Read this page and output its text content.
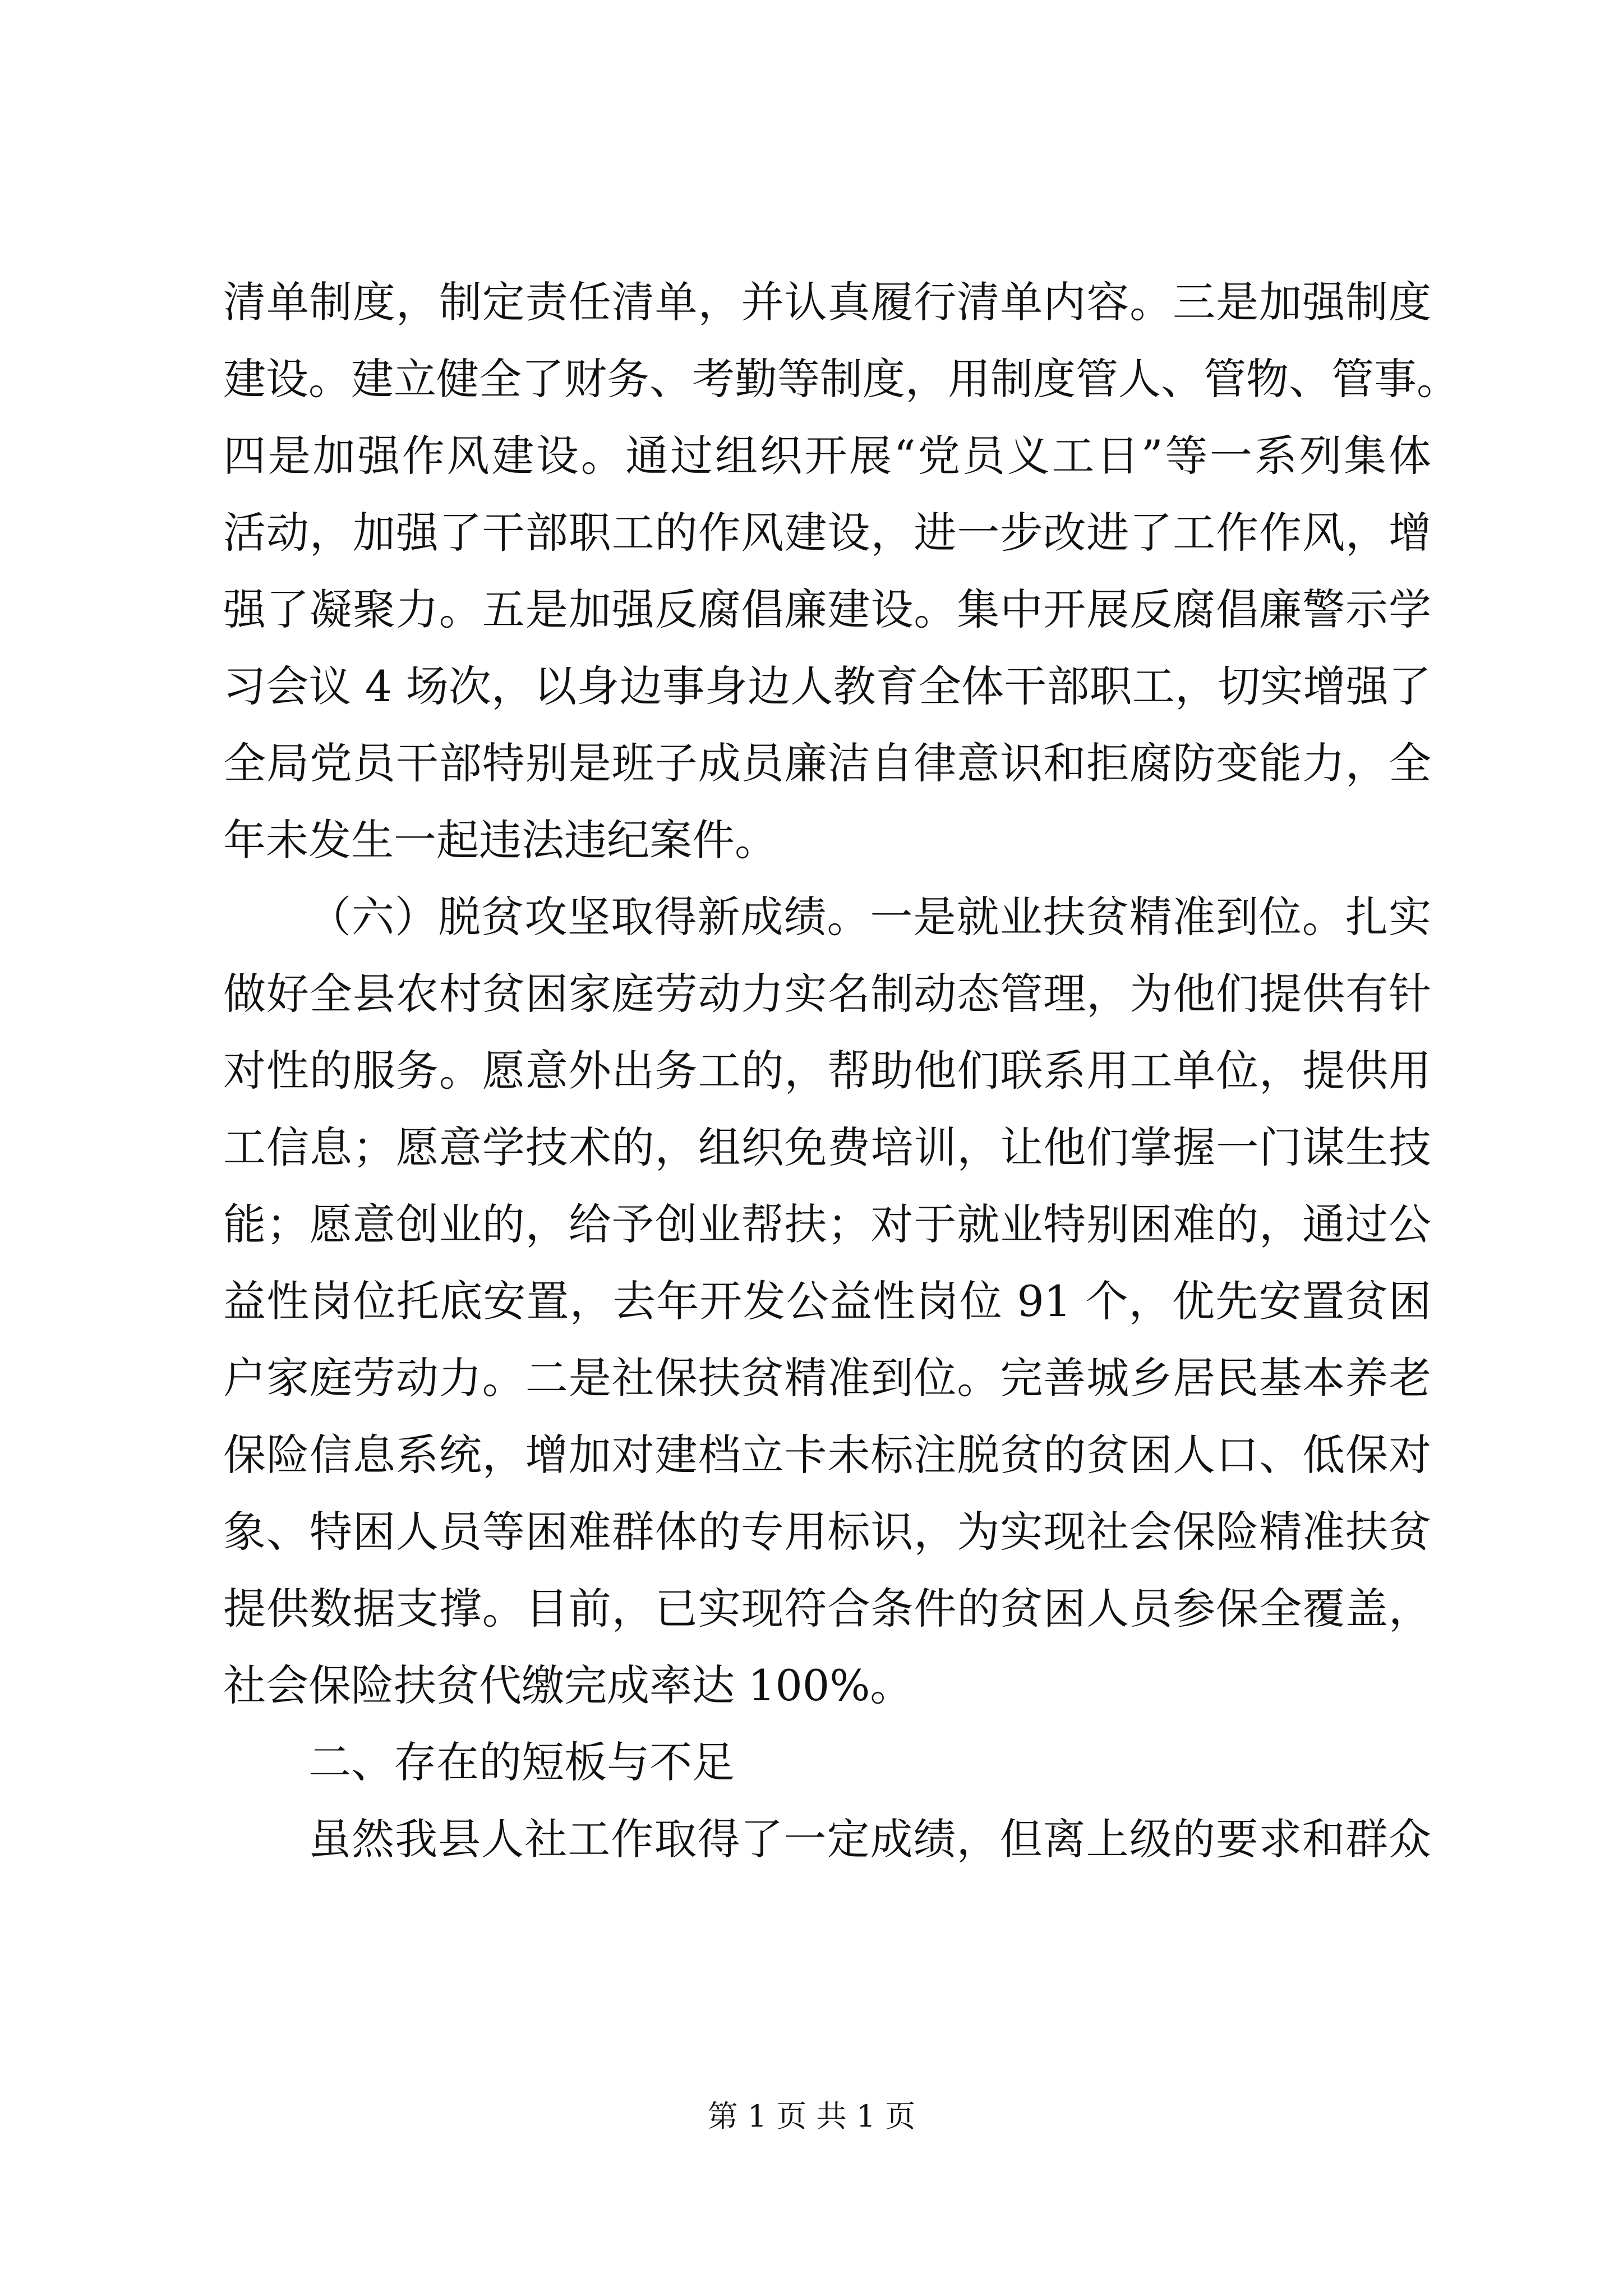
清单制度，制定责任清单，并认真履行清单内容。三是加强制度
建设。建立健全了财务、考勤等制度，用制度管人、管物、管事。
四是加强作风建设。通过组织开展“党员义工日”等一系列集体
活动，加强了干部职工的作风建设，进一步改进了工作作风，增
强了凝聚力。五是加强反腐倡廉建设。集中开展反腐倡廉警示学
习会议 4 场次，以身边事身边人教育全体干部职工，切实增强了
全局党员干部特别是班子成员廉洁自律意识和拒腐防变能力，全
年未发生一起违法违纪案件。
（六）脱贫攻坚取得新成绩。一是就业扶贫精准到位。扎实
做好全县农村贫困家庭劳动力实名制动态管理，为他们提供有针
对性的服务。愿意外出务工的，帮助他们联系用工单位，提供用
工信息；愿意学技术的，组织免费培训，让他们掌握一门谋生技
能；愿意创业的，给予创业帮扶；对于就业特别困难的，通过公
益性岗位托底安置，去年开发公益性岗位 91 个，优先安置贫困
户家庭劳动力。二是社保扶贫精准到位。完善城乡居民基本养老
保险信息系统，增加对建档立卡未标注脱贫的贫困人口、低保对
象、特困人员等困难群体的专用标识，为实现社会保险精准扶贫
提供数据支撑。目前，已实现符合条件的贫困人员参保全覆盖，
社会保险扶贫代缴完成率达 100%。
二、存在的短板与不足
虽然我县人社工作取得了一定成绩，但离上级的要求和群众
第 1 页 共 1 页
